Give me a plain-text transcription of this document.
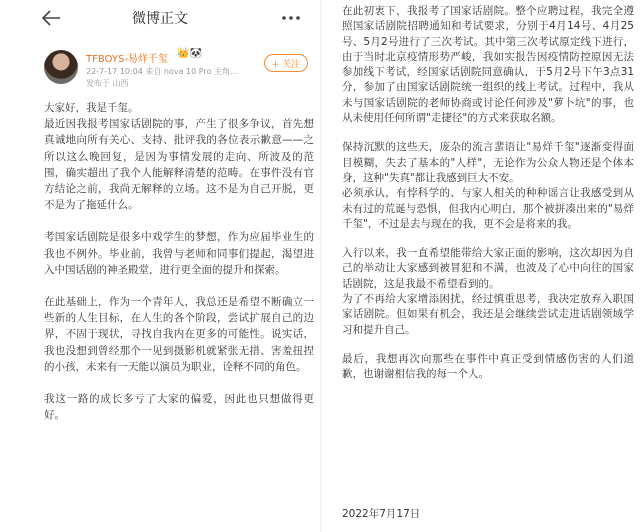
微博正文
TFBOYS-易烊千玺
👑🐼
22-7-17 10:04 来自 nova 10 Pro 主角…
发布于 山西
+ 关注

大家好，我是千玺。
最近因我报考国家话剧院的事，产生了很多争议，首先想真诚地向所有关心、支持、批评我的各位表示歉意——之所以这么晚回复，是因为事情发展的走向、所波及的范围，确实超出了我个人能解释清楚的范畴。在事件没有官方结论之前，我尚无解释的立场。这不是为自己开脱，更不是为了拖延什么。

考国家话剧院是很多中戏学生的梦想，作为应届毕业生的我也不例外。毕业前，我曾与老师和同事们提起，渴望进入中国话剧的神圣殿堂，进行更全面的提升和探索。

在此基础上，作为一个青年人，我总还是希望不断确立一些新的人生目标，在人生的各个阶段，尝试扩展自己的边界，不固于现状，寻找自我内在更多的可能性。说实话，我也没想到曾经那个一见到摄影机就紧张无措、害羞扭捏的小孩，未来有一天能以演员为职业，诠释不同的角色。

我这一路的成长多亏了大家的偏爱，因此也只想做得更好。

在此初衷下，我报考了国家话剧院。整个应聘过程，我完全遵照国家话剧院招聘通知和考试要求，分别于4月14号、4月25号、5月2号进行了三次考试。其中第三次考试原定线下进行，由于当时北京疫情形势严峻，我如实报告因疫情防控原因无法参加线下考试，经国家话剧院同意确认，于5月2号下午3点31分，参加了由国家话剧院统一组织的线上考试。过程中，我从未与国家话剧院的老师协商或讨论任何涉及"萝卜坑"的事，也从未使用任何所谓"走捷径"的方式来获取名额。

保持沉默的这些天，庞杂的流言蜚语让"易烊千玺"逐渐变得面目模糊，失去了基本的"人样"，无论作为公众人物还是个体本身，这种"失真"都让我感到巨大不安。
必须承认，有悖科学的、与家人相关的种种谣言让我感受到从未有过的荒诞与恐惧，但我内心明白，那个被拼凑出来的"易烊千玺"，不过是去与现在的我，更不会是将来的我。

入行以来，我一直希望能带给大家正面的影响，这次却因为自己的举动让大家感到被冒犯和不满，也波及了心中向往的国家话剧院，这是我最不希望看到的。
为了不再给大家增添困扰，经过慎重思考，我决定放弃入职国家话剧院。但如果有机会，我还是会继续尝试走进话剧领域学习和提升自己。

最后，我想再次向那些在事件中真正受到情感伤害的人们道歉，也谢谢相信我的每一个人。

2022年7月17日
